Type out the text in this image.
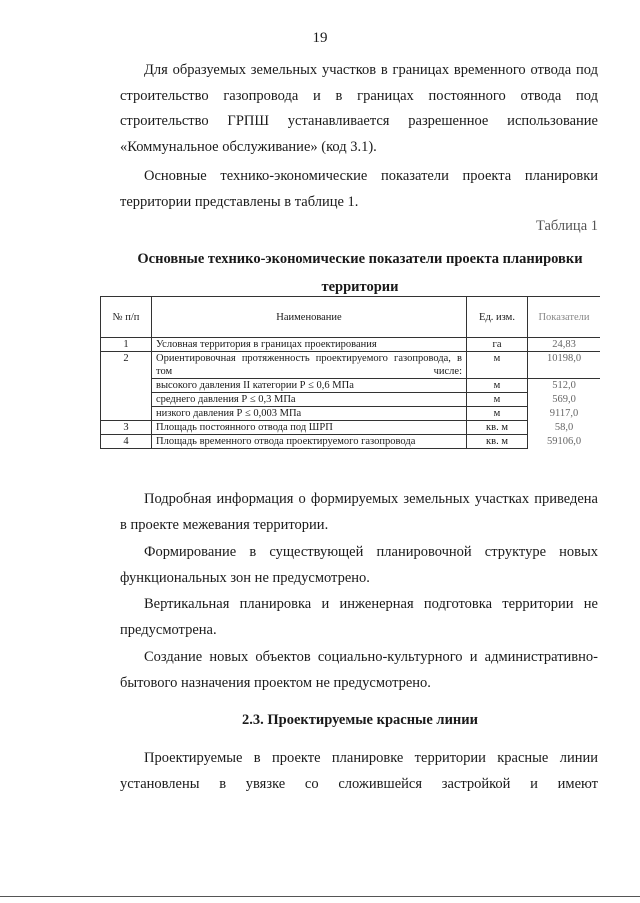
19

Для образуемых земельных участков в границах временного отвода под строительство газопровода и в границах постоянного отвода под строительство ГРПШ устанавливается разрешенное использование «Коммунальное обслуживание» (код 3.1).

Основные технико-экономические показатели проекта планировки территории представлены в таблице 1.

Таблица 1
Основные технико-экономические показатели проекта планировки территории
№ п/п	Наименование	Ед. изм.	Показатели
1	Условная территория в границах проектирования	га	24,83
2	Ориентировочная протяженность проектируемого газопровода, в том числе:	м	10198,0
	высокого давления II категории Р ≤ 0,6 МПа	м	512,0
	среднего давления Р ≤ 0,3 МПа	м	569,0
	низкого давления Р ≤ 0,003 МПа	м	9117,0
3	Площадь постоянного отвода под ШРП	кв. м	58,0
4	Площадь временного отвода проектируемого газопровода	кв. м	59106,0

Подробная информация о формируемых земельных участках приведена в проекте межевания территории.

Формирование в существующей планировочной структуре новых функциональных зон не предусмотрено.

Вертикальная планировка и инженерная подготовка территории не предусмотрена.

Создание новых объектов социально-культурного и административно-бытового назначения проектом не предусмотрено.

2.3. Проектируемые красные линии

Проектируемые в проекте планировке территории красные линии установлены в увязке со сложившейся застройкой и имеют
